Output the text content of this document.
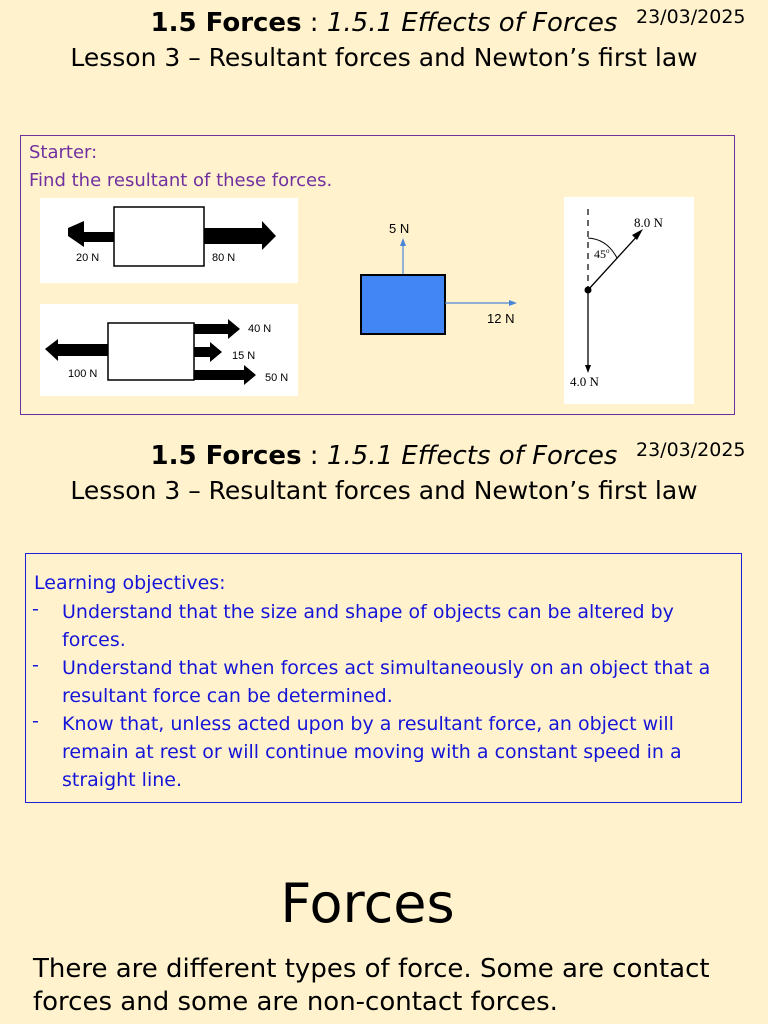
1.5 Forces : 1.5.1 Effects of Forces 23/03/2025
Lesson 3 – Resultant forces and Newton’s first law
Starter:
Find the resultant of these forces.
20 N	80 N
100 N
40 N
15 N
50 N
5 N
12 N
45$^o$
8.0 N
4.0 N
1.5 Forces : 1.5.1 Effects of Forces 23/03/2025
Lesson 3 – Resultant forces and Newton’s first law
Learning objectives:
- Understand that the size and shape of objects can be altered by forces.
- Understand that when forces act simultaneously on an object that a resultant force can be determined.
- Know that, unless acted upon by a resultant force, an object will remain at rest or will continue moving with a constant speed in a straight line.
Forces
There are different types of force. Some are contact forces and some are non-contact forces.
